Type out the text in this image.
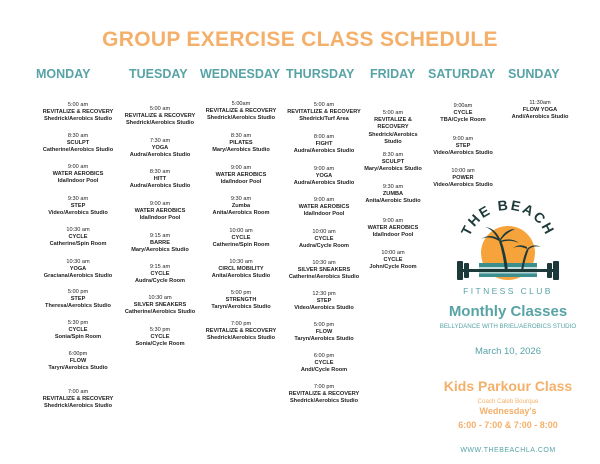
GROUP EXERCISE CLASS SCHEDULE
MONDAY	TUESDAY WEDNESDAY THURSDAY FRIDAY SATURDAY SUNDAY
5:00 am
REVITALIZE & RECOVERY
Shedrick/Aerobics Studio
8:30 am
SCULPT
Catherine/Aerobics Studio
9:00 am
WATER AEROBICS
Ida/Indoor Pool
9:30 am
STEP
Video/Aerobics Studio
10:30 am
CYCLE
Catherine/Spin Room
10:30 am
YOGA
Graciana/Aerobics Studio
5:00 pm
STEP
Theresa/Aerobics Studio
5:30 pm
CYCLE
Sonia/Spin Room
6:00pm
FLOW
Taryn/Aerobics Studio
7:00 am
REVITALIZE & RECOVERY
Shedrick/Aerobics Studio
5:00 am
REVITALIZE & RECOVERY
Shedrick/Aerobics Studio
7:30 am
YOGA
Audra/Aerobics Studio
8:30 am
HITT
Audra/Aerobics Studio
9:00 am
WATER AEROBICS
Ida/Indoor Pool
9:15 am
BARRE
Mary/Aerobics Studio
9:15 am
CYCLE
Audra/Cycle Room
10:30 am
SILVER SNEAKERS
Catherine/Aerobics Studio
5:30 pm
CYCLE
Sonia/Cycle Room
5:00am
REVITALIZE & RECOVERY
Shedrick/Aerobics Studio
8:30 am
PILATES
Mary/Aerobics Studio
9:00 am
WATER AEROBICS
Ida/Indoor Pool
9:30 am
Zumba
Anita/Aerobics Room
10:00 am
CYCLE
Catherine/Spin Room
10:30 am
CIRCL MOBILITY
Anita/Aerobics Studio
5:00 pm
STRENGTH
Taryn/Aerobics Studio
7:00 pm
REVITALIZE & RECOVERY
Shedrick/Aerobics Studio
5:00 am
REVITATLIZE & RECOVERY
Shedrick/Turf Area
8:00 am
FIGHT
Audra/Aerobics Studio
9:00 am
YOGA
Audra/Aerobics Studio
9:00 am
WATER AEROBICS
Ida/Indoor Pool
10:00 am
CYCLE
Audra/Cycle Room
10:30 am
SILVER SNEAKERS
Catherine/Aerobics Studio
12:30 pm
STEP
Video/Aerobics Studio
5:00 pm
FLOW
Taryn/Aerobics Studio
6:00 pm
CYCLE
Andi/Cycle Room
7:00 pm
REVITALIZE & RECOVERY
Shedrick/Aerobics Studio
5:00 am
REVITALIZE &
RECOVERY
Shedrick/Aerobics
Studio
8:30 am
SCULPT
Mary/Aerobics Studio
9:30 am
ZUMBA
Anita/Aerobic Studio
9:00 am
WATER AEROBICS
Ida/Indoor Pool
10:00 am
CYCLE
John/Cycle Room
9:00am
CYCLE
TBA/Cycle Room
9:00 am
STEP
Video/Aerobics Studio
10:00 am
POWER
Video/Aerobics Studio
11:30am
FLOW YOGA
Andi/Aerobics Studio
THE BEACH
FITNESS CLUB
Monthly Classes
BELLYDANCE WITH BRIEL/AEROBICS STUDIO
March 10, 2026
Kids Parkour Class
Coach Caleb Bourque
Wednesday's
6:00 - 7:00 & 7:00 - 8:00
WWW.THEBEACHLA.COM
